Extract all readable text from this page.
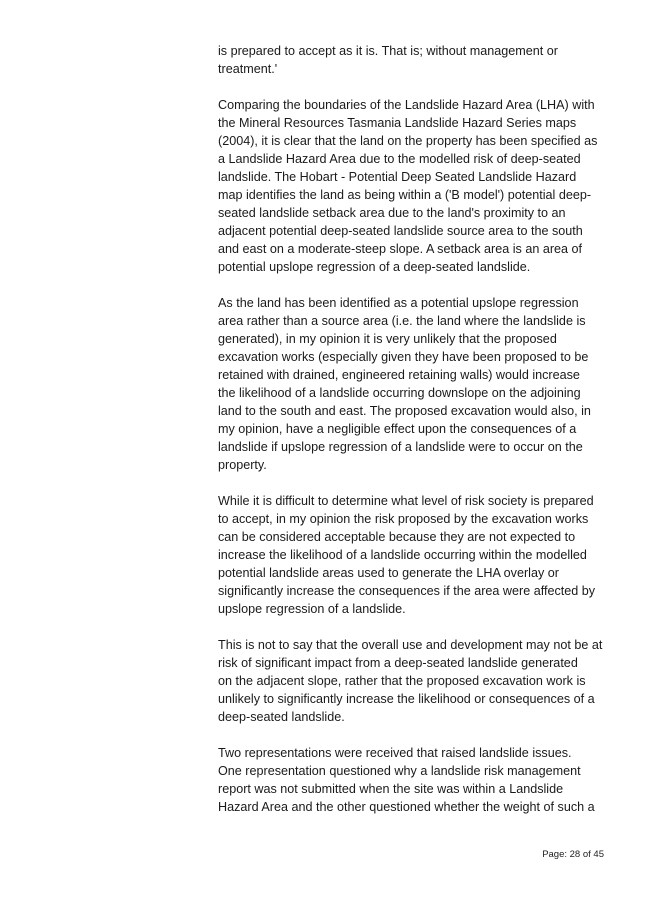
is prepared to accept as it is. That is; without management or
treatment.'

Comparing the boundaries of the Landslide Hazard Area (LHA) with
the Mineral Resources Tasmania Landslide Hazard Series maps
(2004), it is clear that the land on the property has been specified as
a Landslide Hazard Area due to the modelled risk of deep-seated
landslide. The Hobart - Potential Deep Seated Landslide Hazard
map identifies the land as being within a ('B model') potential deep-
seated landslide setback area due to the land's proximity to an
adjacent potential deep-seated landslide source area to the south
and east on a moderate-steep slope. A setback area is an area of
potential upslope regression of a deep-seated landslide.

As the land has been identified as a potential upslope regression
area rather than a source area (i.e. the land where the landslide is
generated), in my opinion it is very unlikely that the proposed
excavation works (especially given they have been proposed to be
retained with drained, engineered retaining walls) would increase
the likelihood of a landslide occurring downslope on the adjoining
land to the south and east. The proposed excavation would also, in
my opinion, have a negligible effect upon the consequences of a
landslide if upslope regression of a landslide were to occur on the
property.

While it is difficult to determine what level of risk society is prepared
to accept, in my opinion the risk proposed by the excavation works
can be considered acceptable because they are not expected to
increase the likelihood of a landslide occurring within the modelled
potential landslide areas used to generate the LHA overlay or
significantly increase the consequences if the area were affected by
upslope regression of a landslide.

This is not to say that the overall use and development may not be at
risk of significant impact from a deep-seated landslide generated
on the adjacent slope, rather that the proposed excavation work is
unlikely to significantly increase the likelihood or consequences of a
deep-seated landslide.

Two representations were received that raised landslide issues.
One representation questioned why a landslide risk management
report was not submitted when the site was within a Landslide
Hazard Area and the other questioned whether the weight of such a

Page: 28 of 45
